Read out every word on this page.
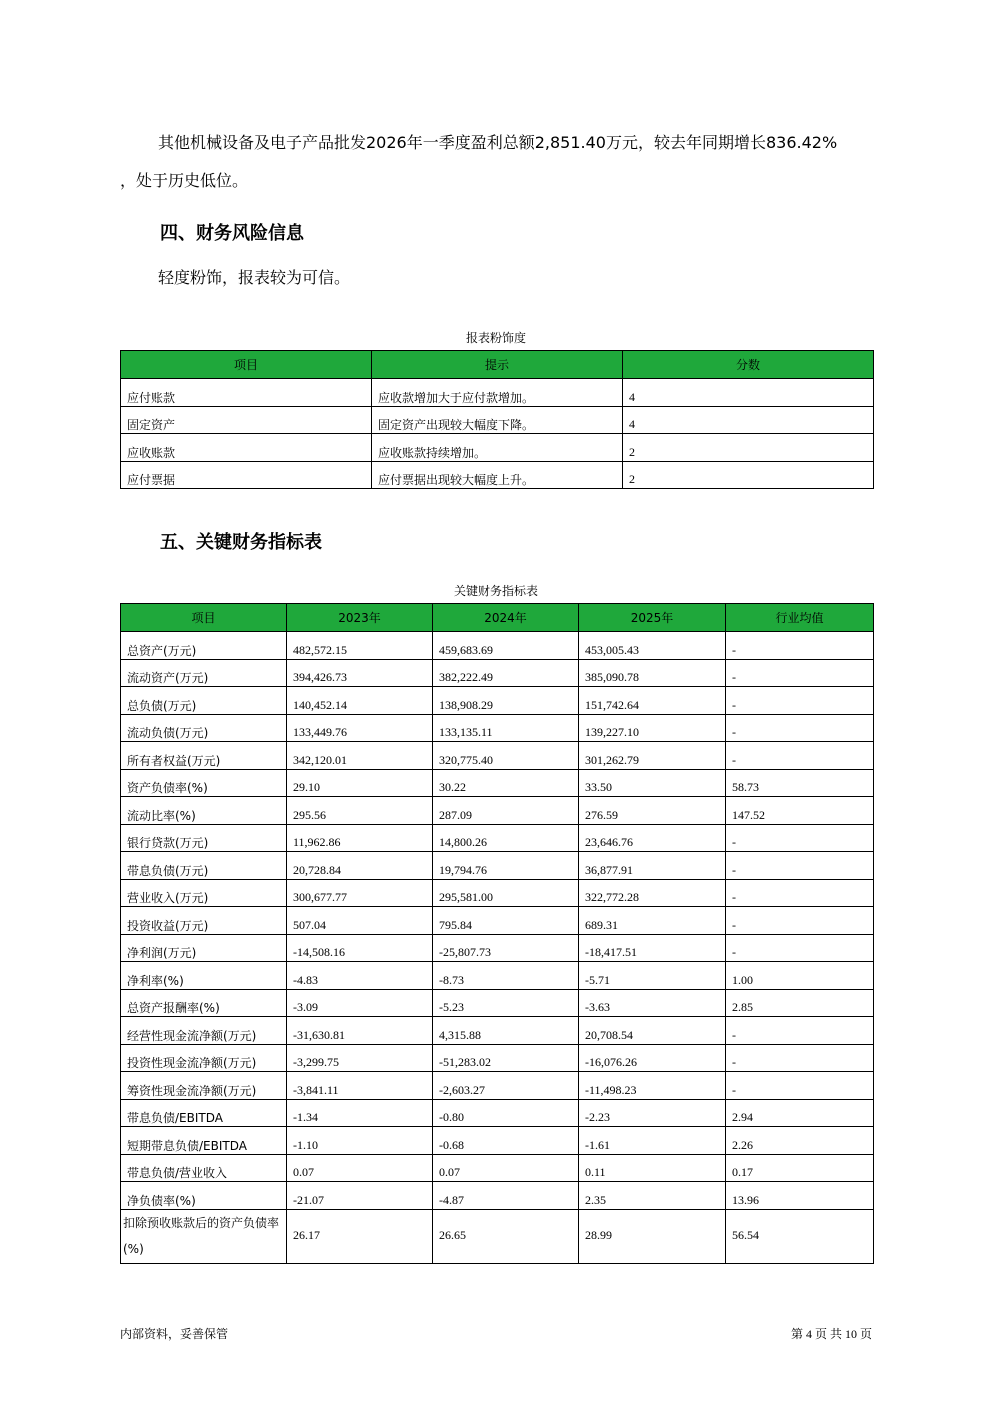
其他机械设备及电子产品批发2026年一季度盈利总额2,851.40万元，较去年同期增长836.42%
，处于历史低位。
四、财务风险信息
轻度粉饰，报表较为可信。
报表粉饰度
项目	提示	分数
应付账款	应收款增加大于应付款增加。	4
固定资产	固定资产出现较大幅度下降。	4
应收账款	应收账款持续增加。	2
应付票据	应付票据出现较大幅度上升。	2
五、关键财务指标表
关键财务指标表
项目	2023年	2024年	2025年	行业均值
总资产(万元)	482,572.15	459,683.69	453,005.43	-
流动资产(万元)	394,426.73	382,222.49	385,090.78	-
总负债(万元)	140,452.14	138,908.29	151,742.64	-
流动负债(万元)	133,449.76	133,135.11	139,227.10	-
所有者权益(万元)	342,120.01	320,775.40	301,262.79	-
资产负债率(%)	29.10	30.22	33.50	58.73
流动比率(%)	295.56	287.09	276.59	147.52
银行贷款(万元)	11,962.86	14,800.26	23,646.76	-
带息负债(万元)	20,728.84	19,794.76	36,877.91	-
营业收入(万元)	300,677.77	295,581.00	322,772.28	-
投资收益(万元)	507.04	795.84	689.31	-
净利润(万元)	-14,508.16	-25,807.73	-18,417.51	-
净利率(%)	-4.83	-8.73	-5.71	1.00
总资产报酬率(%)	-3.09	-5.23	-3.63	2.85
经营性现金流净额(万元)	-31,630.81	4,315.88	20,708.54	-
投资性现金流净额(万元)	-3,299.75	-51,283.02	-16,076.26	-
筹资性现金流净额(万元)	-3,841.11	-2,603.27	-11,498.23	-
带息负债/EBITDA	-1.34	-0.80	-2.23	2.94
短期带息负债/EBITDA	-1.10	-0.68	-1.61	2.26
带息负债/营业收入	0.07	0.07	0.11	0.17
净负债率(%)	-21.07	-4.87	2.35	13.96
扣除预收账款后的资产负债率(%)	26.17	26.65	28.99	56.54
内部资料，妥善保管	第 4 页 共 10 页
